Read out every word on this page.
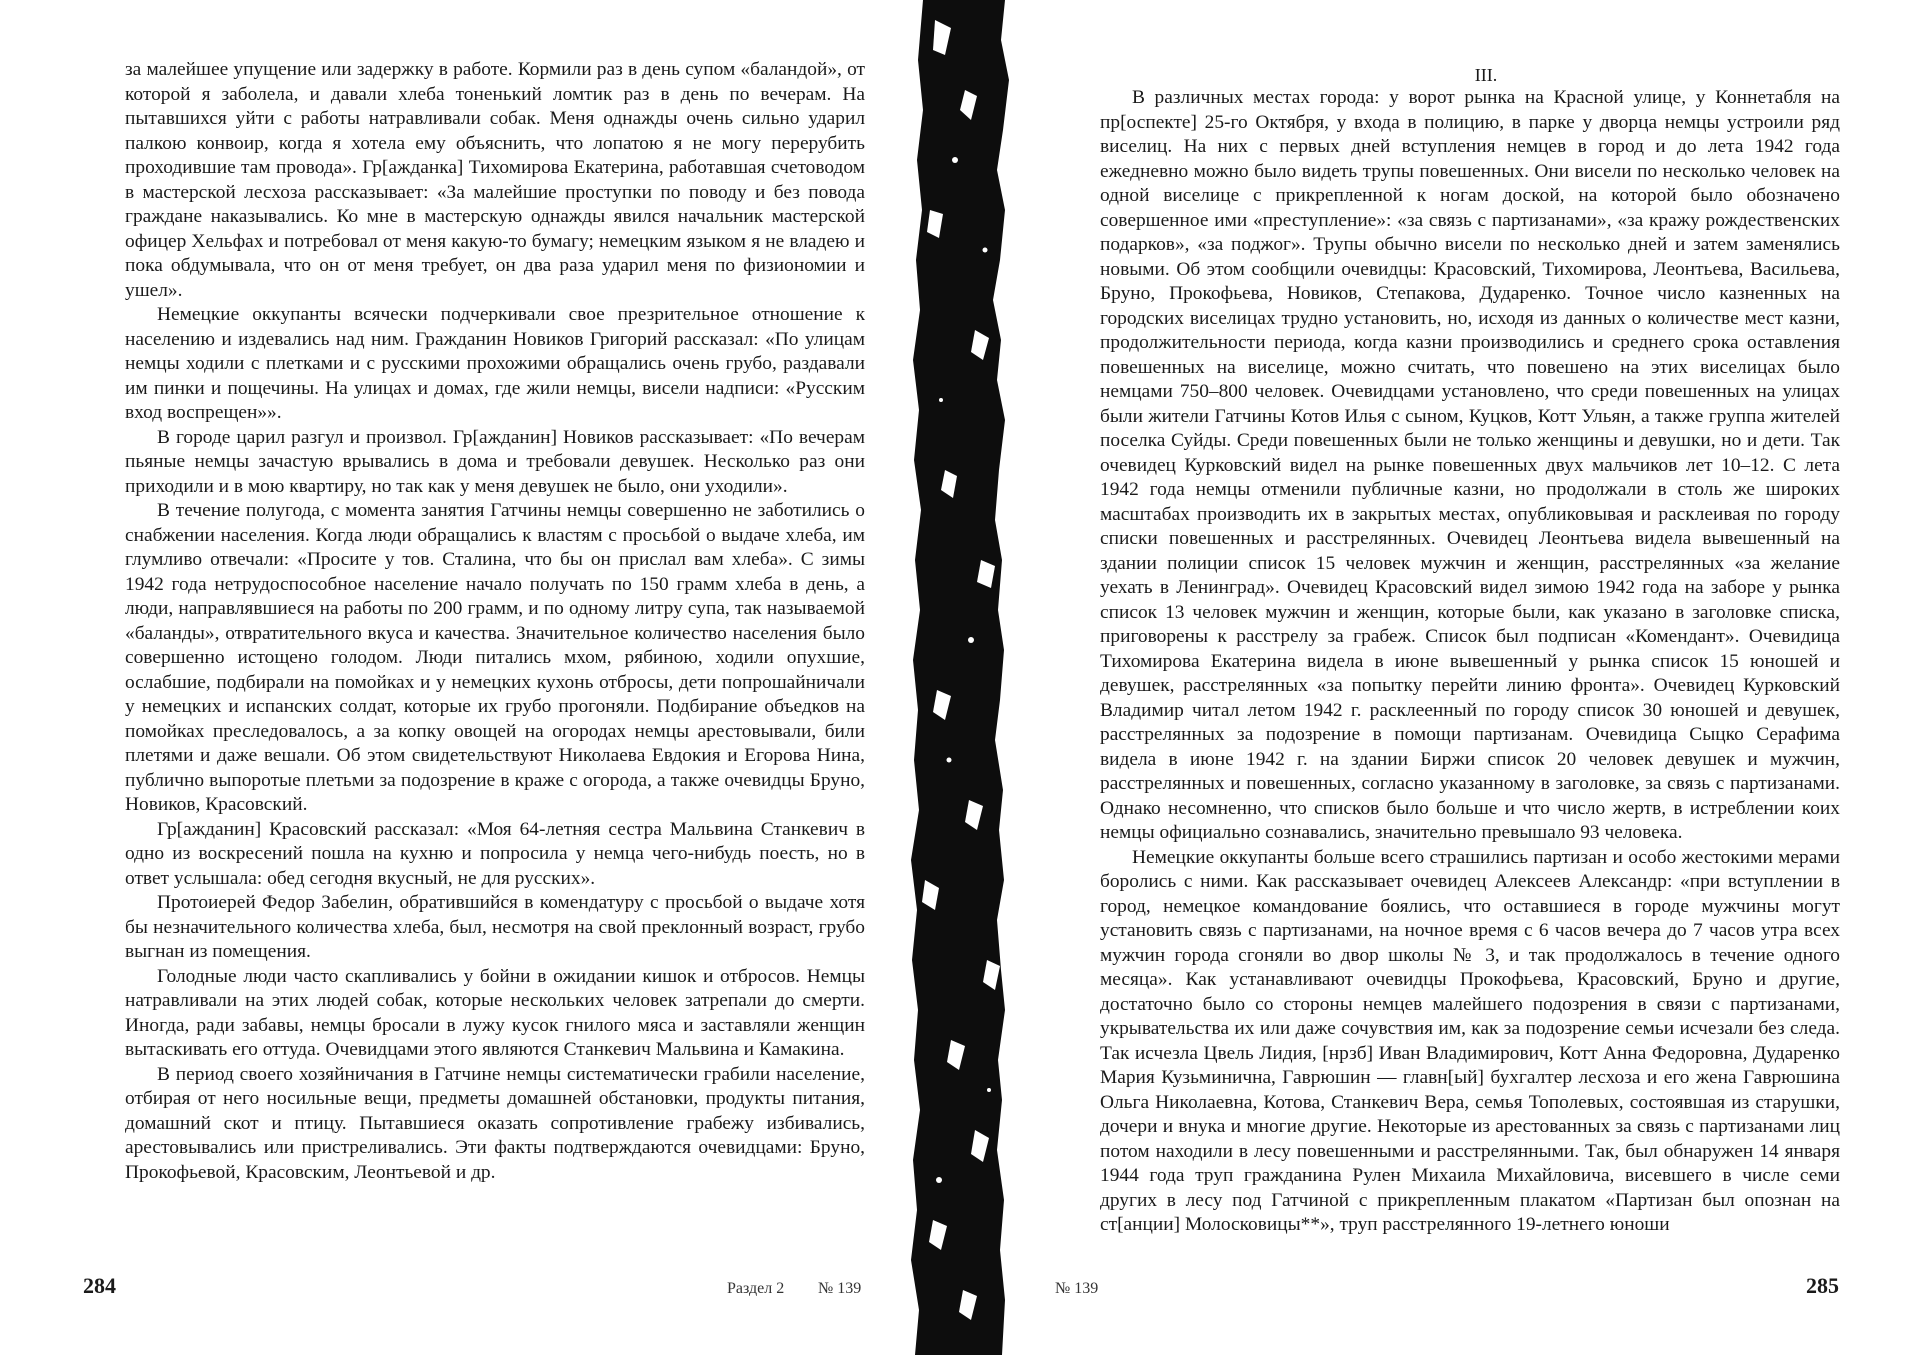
за малейшее упущение или задержку в работе. Кормили раз в день супом «баландой», от которой я заболела, и давали хлеба тоненький ломтик раз в день по вечерам. На пытавшихся уйти с работы натравливали собак. Меня однажды очень сильно ударил палкою конвоир, когда я хотела ему объяснить, что лопатою я не могу перерубить проходившие там провода». Гр[ажданка] Тихомирова Екатерина, работавшая счетоводом в мастерской лесхоза рассказывает: «За малейшие проступки по поводу и без повода граждане наказывались. Ко мне в мастерскую однажды явился начальник мастерской офицер Хельфах и потребовал от меня какую-то бумагу; немецким языком я не владею и пока обдумывала, что он от меня требует, он два раза ударил меня по физиономии и ушел».

Немецкие оккупанты всячески подчеркивали свое презрительное отношение к населению и издевались над ним. Гражданин Новиков Григорий рассказал: «По улицам немцы ходили с плетками и с русскими прохожими обращались очень грубо, раздавали им пинки и пощечины. На улицах и домах, где жили немцы, висели надписи: «Русским вход воспрещен»».

В городе царил разгул и произвол. Гр[ажданин] Новиков рассказывает: «По вечерам пьяные немцы зачастую врывались в дома и требовали девушек. Несколько раз они приходили и в мою квартиру, но так как у меня девушек не было, они уходили».

В течение полугода, с момента занятия Гатчины немцы совершенно не заботились о снабжении населения. Когда люди обращались к властям с просьбой о выдаче хлеба, им глумливо отвечали: «Просите у тов. Сталина, что бы он прислал вам хлеба». С зимы 1942 года нетрудоспособное население начало получать по 150 грамм хлеба в день, а люди, направлявшиеся на работы по 200 грамм, и по одному литру супа, так называемой «баланды», отвратительного вкуса и качества. Значительное количество населения было совершенно истощено голодом. Люди питались мхом, рябиною, ходили опухшие, ослабшие, подбирали на помойках и у немецких кухонь отбросы, дети попрошайничали у немецких и испанских солдат, которые их грубо прогоняли. Подбирание объедков на помойках преследовалось, а за копку овощей на огородах немцы арестовывали, били плетями и даже вешали. Об этом свидетельствуют Николаева Евдокия и Егорова Нина, публично выпоротые плетьми за подозрение в краже с огорода, а также очевидцы Бруно, Новиков, Красовский.

Гр[ажданин] Красовский рассказал: «Моя 64-летняя сестра Мальвина Станкевич в одно из воскресений пошла на кухню и попросила у немца чего-нибудь поесть, но в ответ услышала: обед сегодня вкусный, не для русских».

Протоиерей Федор Забелин, обратившийся в комендатуру с просьбой о выдаче хотя бы незначительного количества хлеба, был, несмотря на свой преклонный возраст, грубо выгнан из помещения.

Голодные люди часто скапливались у бойни в ожидании кишок и отбросов. Немцы натравливали на этих людей собак, которые нескольких человек затрепали до смерти. Иногда, ради забавы, немцы бросали в лужу кусок гнилого мяса и заставляли женщин вытаскивать его оттуда. Очевидцами этого являются Станкевич Мальвина и Камакина.

В период своего хозяйничания в Гатчине немцы систематически грабили население, отбирая от него носильные вещи, предметы домашней обстановки, продукты питания, домашний скот и птицу. Пытавшиеся оказать сопротивление грабежу избивались, арестовывались или пристреливались. Эти факты подтверждаются очевидцами: Бруно, Прокофьевой, Красовским, Леонтьевой и др.

284	Раздел 2 № 139

III.

В различных местах города: у ворот рынка на Красной улице, у Коннетабля на пр[оспекте] 25-го Октября, у входа в полицию, в парке у дворца немцы устроили ряд виселиц. На них с первых дней вступления немцев в город и до лета 1942 года ежедневно можно было видеть трупы повешенных. Они висели по несколько человек на одной виселице с прикрепленной к ногам доской, на которой было обозначено совершенное ими «преступление»: «за связь с партизанами», «за кражу рождественских подарков», «за поджог». Трупы обычно висели по несколько дней и затем заменялись новыми. Об этом сообщили очевидцы: Красовский, Тихомирова, Леонтьева, Васильева, Бруно, Прокофьева, Новиков, Степакова, Дударенко. Точное число казненных на городских виселицах трудно установить, но, исходя из данных о количестве мест казни, продолжительности периода, когда казни производились и среднего срока оставления повешенных на виселице, можно считать, что повешено на этих виселицах было немцами 750–800 человек. Очевидцами установлено, что среди повешенных на улицах были жители Гатчины Котов Илья с сыном, Куцков, Котт Ульян, а также группа жителей поселка Суйды. Среди повешенных были не только женщины и девушки, но и дети. Так очевидец Курковский видел на рынке повешенных двух мальчиков лет 10–12. С лета 1942 года немцы отменили публичные казни, но продолжали в столь же широких масштабах производить их в закрытых местах, опубликовывая и расклеивая по городу списки повешенных и расстрелянных. Очевидец Леонтьева видела вывешенный на здании полиции список 15 человек мужчин и женщин, расстрелянных «за желание уехать в Ленинград». Очевидец Красовский видел зимою 1942 года на заборе у рынка список 13 человек мужчин и женщин, которые были, как указано в заголовке списка, приговорены к расстрелу за грабеж. Список был подписан «Комендант». Очевидица Тихомирова Екатерина видела в июне вывешенный у рынка список 15 юношей и девушек, расстрелянных «за попытку перейти линию фронта». Очевидец Курковский Владимир читал летом 1942 г. расклеенный по городу список 30 юношей и девушек, расстрелянных за подозрение в помощи партизанам. Очевидица Сыцко Серафима видела в июне 1942 г. на здании Биржи список 20 человек девушек и мужчин, расстрелянных и повешенных, согласно указанному в заголовке, за связь с партизанами. Однако несомненно, что списков было больше и что число жертв, в истреблении коих немцы официально сознавались, значительно превышало 93 человека.

Немецкие оккупанты больше всего страшились партизан и особо жестокими мерами боролись с ними. Как рассказывает очевидец Алексеев Александр: «при вступлении в город, немецкое командование боялись, что оставшиеся в городе мужчины могут установить связь с партизанами, на ночное время с 6 часов вечера до 7 часов утра всех мужчин города сгоняли во двор школы № 3, и так продолжалось в течение одного месяца». Как устанавливают очевидцы Прокофьева, Красовский, Бруно и другие, достаточно было со стороны немцев малейшего подозрения в связи с партизанами, укрывательства их или даже сочувствия им, как за подозрение семьи исчезали без следа. Так исчезла Цвель Лидия, [нрзб] Иван Владимирович, Котт Анна Федоровна, Дударенко Мария Кузьминична, Гаврюшин — главн[ый] бухгалтер лесхоза и его жена Гаврюшина Ольга Николаевна, Котова, Станкевич Вера, семья Тополевых, состоявшая из старушки, дочери и внука и многие другие. Некоторые из арестованных за связь с партизанами лиц потом находили в лесу повешенными и расстрелянными. Так, был обнаружен 14 января 1944 года труп гражданина Рулен Михаила Михайловича, висевшего в числе семи других в лесу под Гатчиной с прикрепленным плакатом «Партизан был опознан на ст[анции] Молосковицы**», труп расстрелянного 19-летнего юноши

№ 139	285
